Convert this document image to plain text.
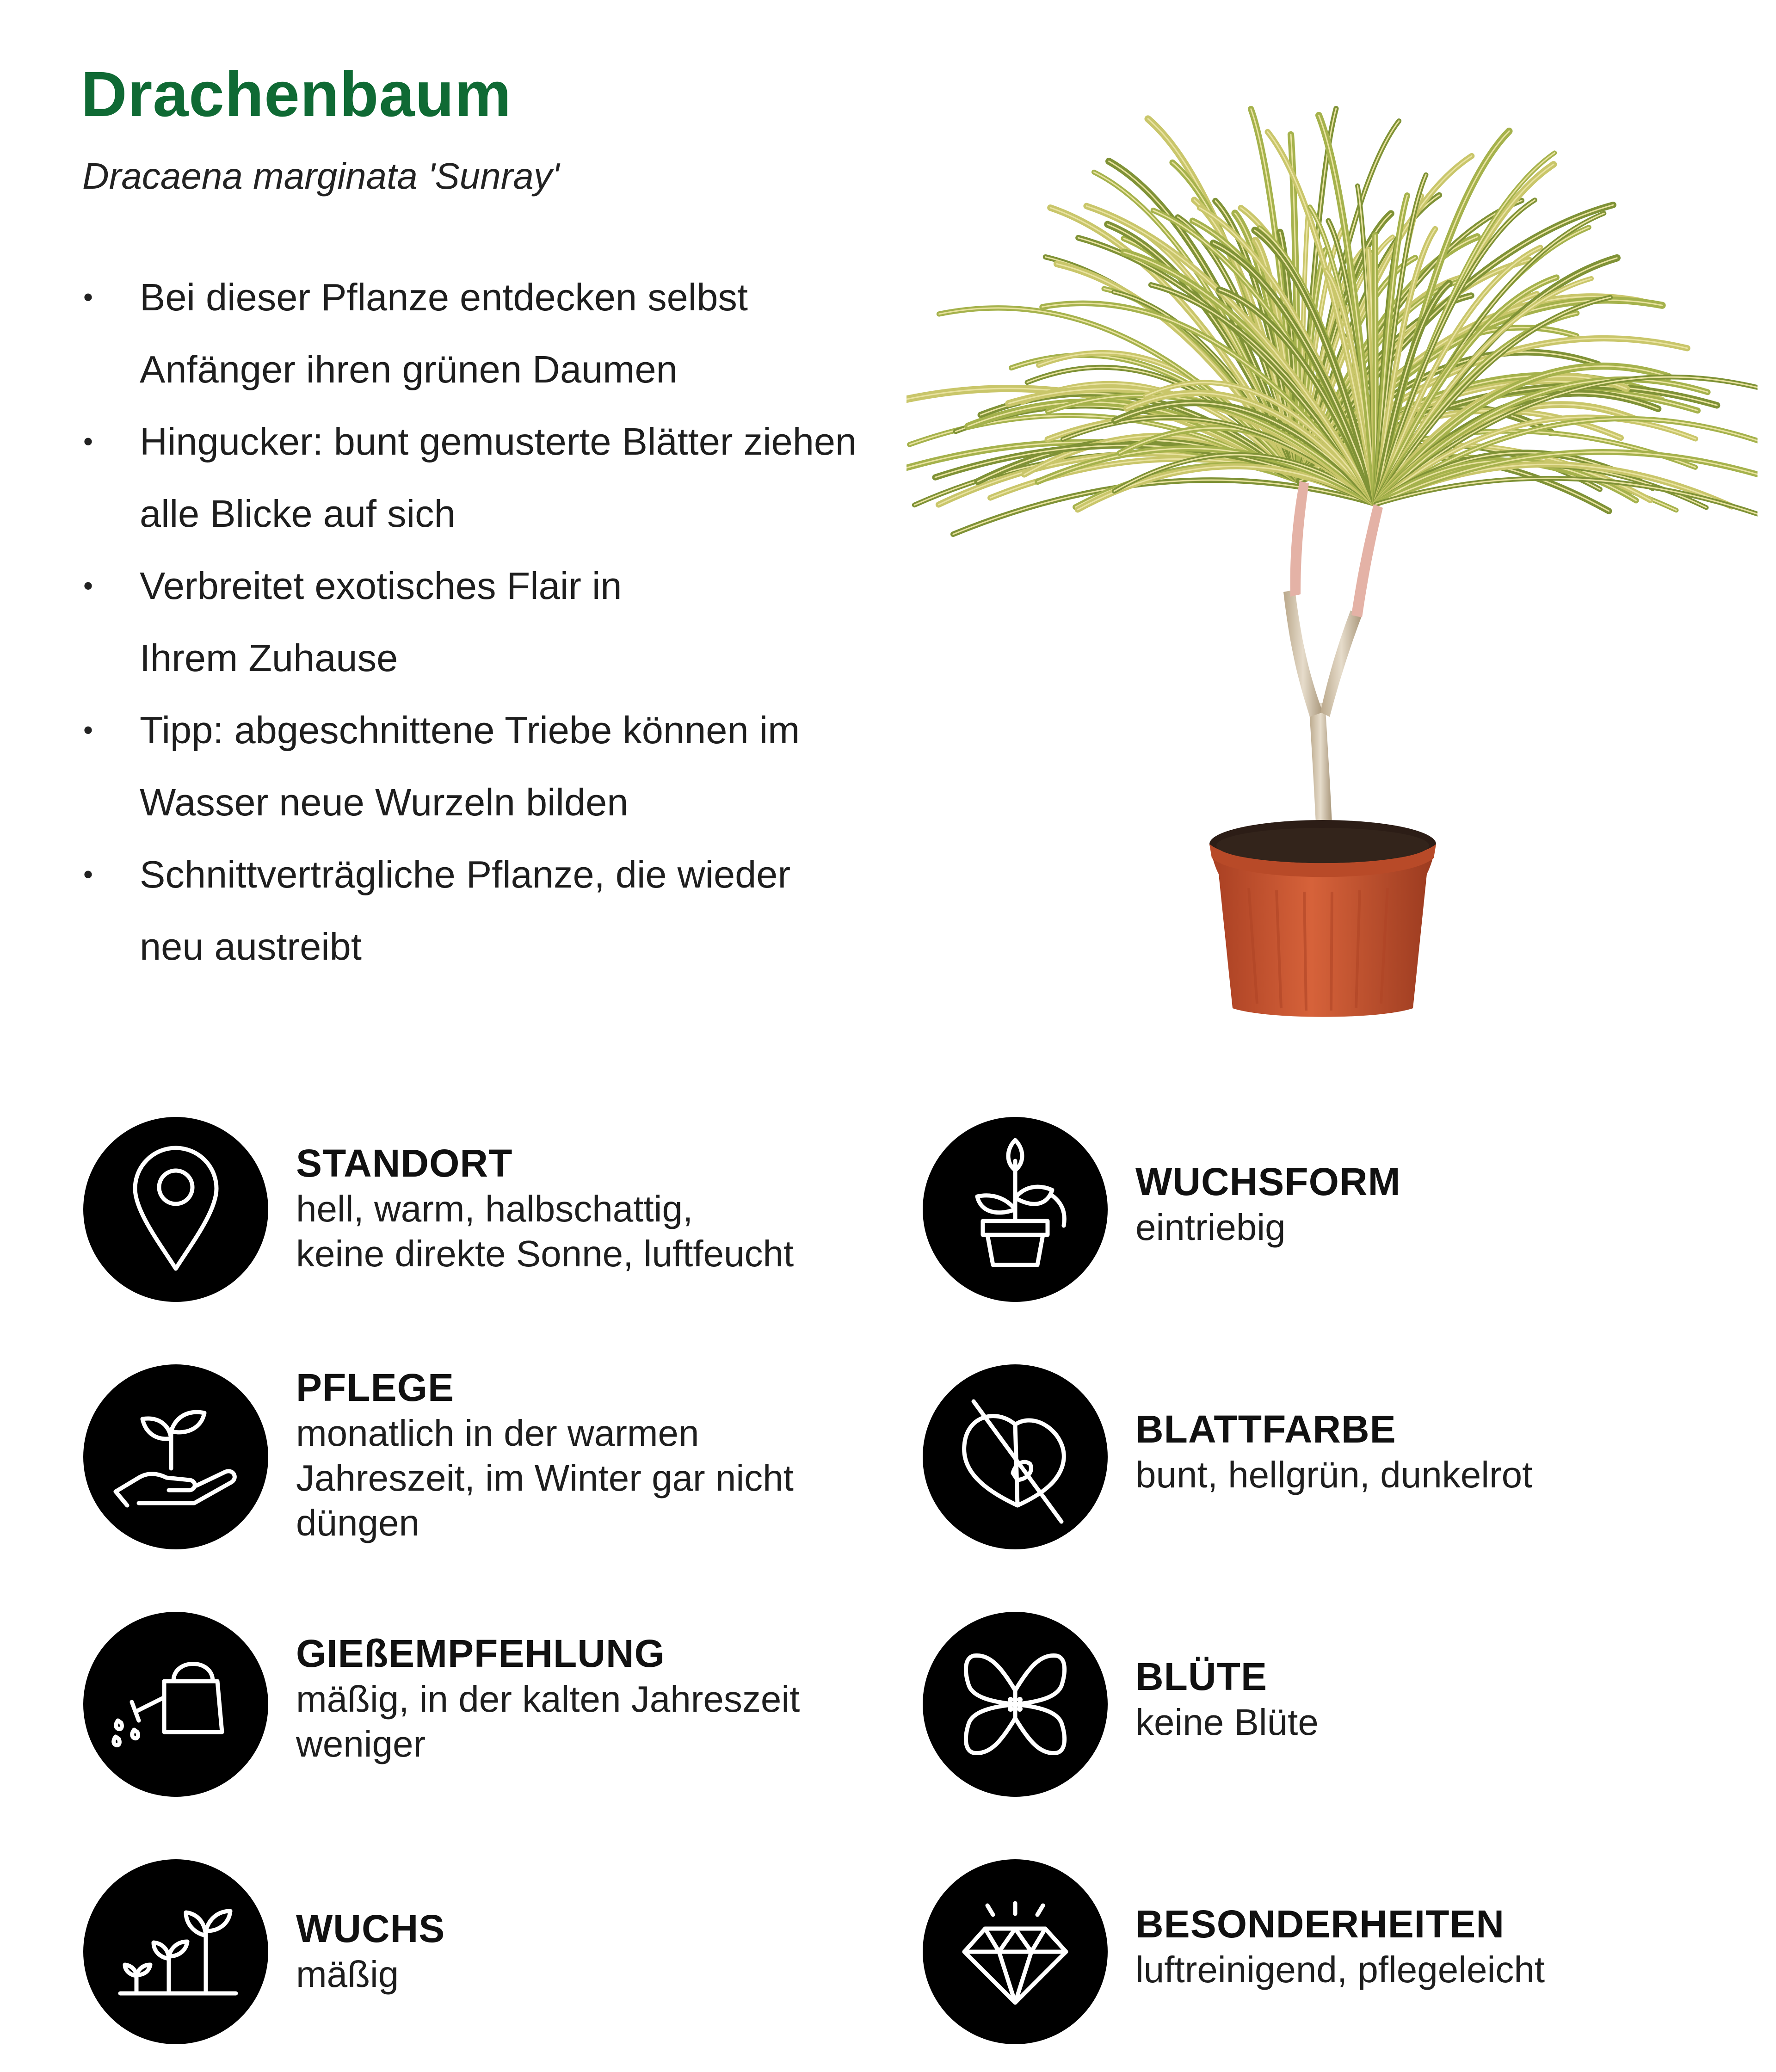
Drachenbaum
Dracaena marginata 'Sunray'
• Bei dieser Pflanze entdecken selbst
Anfänger ihren grünen Daumen
• Hingucker: bunt gemusterte Blätter ziehen
alle Blicke auf sich
• Verbreitet exotisches Flair in
Ihrem Zuhause
• Tipp: abgeschnittene Triebe können im
Wasser neue Wurzeln bilden
• Schnittverträgliche Pflanze, die wieder
neu austreibt
STANDORT
hell, warm, halbschattig,
keine direkte Sonne, luftfeucht
PFLEGE
monatlich in der warmen
Jahreszeit, im Winter gar nicht
düngen
GIEßEMPFEHLUNG
mäßig, in der kalten Jahreszeit
weniger
WUCHS
mäßig
WUCHSFORM
eintriebig
BLATTFARBE
bunt, hellgrün, dunkelrot
BLÜTE
keine Blüte
BESONDERHEITEN
luftreinigend, pflegeleicht
